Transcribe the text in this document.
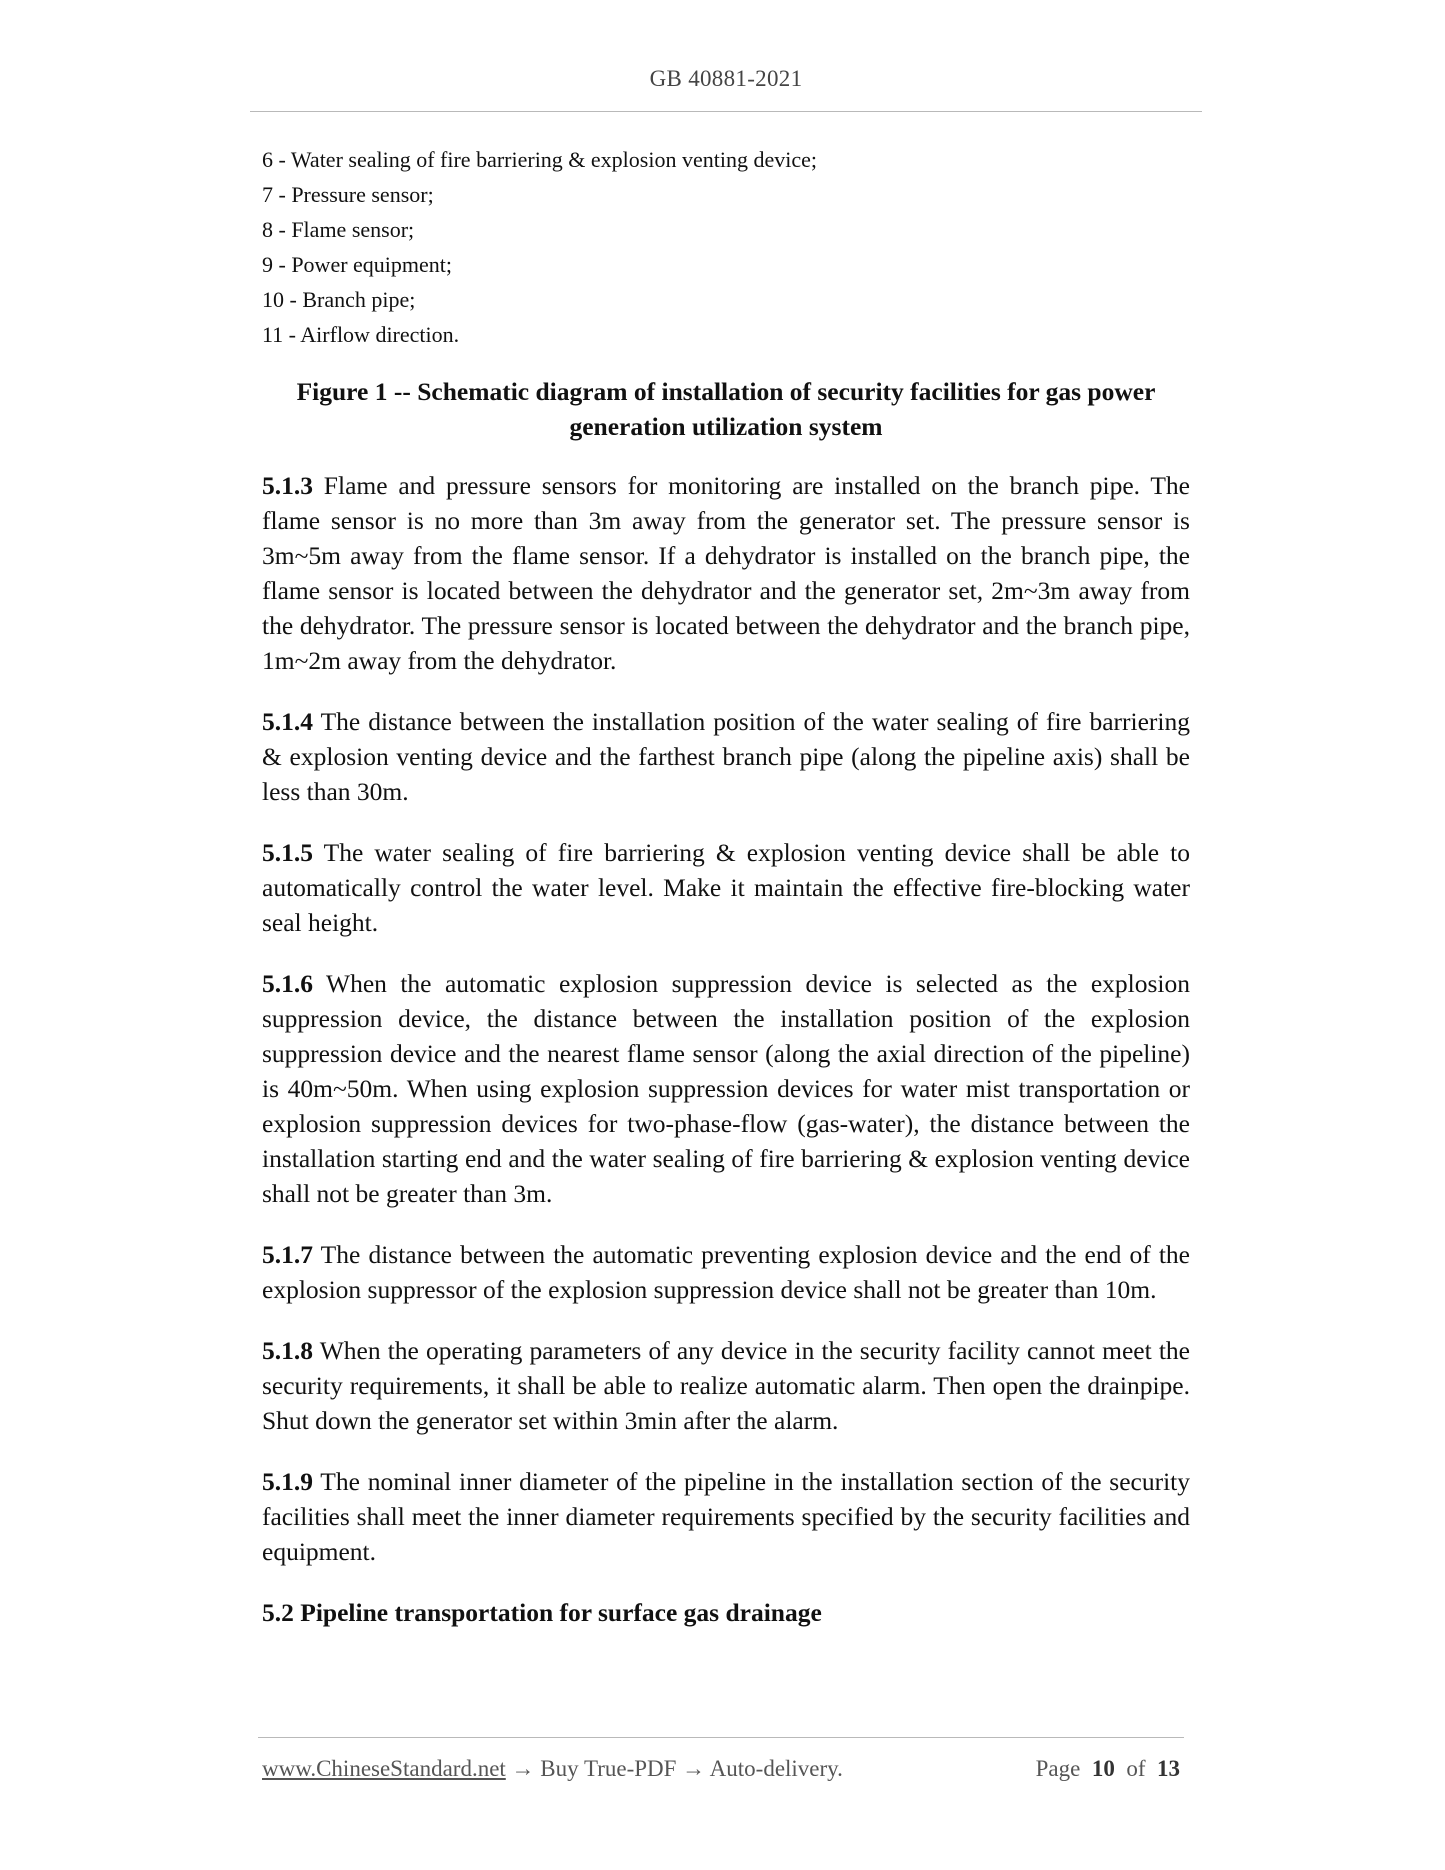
GB 40881-2021

6 - Water sealing of fire barriering & explosion venting device;

7 - Pressure sensor;

8 - Flame sensor;

9 - Power equipment;

10 - Branch pipe;

11 - Airflow direction.

Figure 1 -- Schematic diagram of installation of security facilities for gas power generation utilization system

5.1.3 Flame and pressure sensors for monitoring are installed on the branch pipe. The flame sensor is no more than 3m away from the generator set. The pressure sensor is 3m~5m away from the flame sensor. If a dehydrator is installed on the branch pipe, the flame sensor is located between the dehydrator and the generator set, 2m~3m away from the dehydrator. The pressure sensor is located between the dehydrator and the branch pipe, 1m~2m away from the dehydrator.

5.1.4 The distance between the installation position of the water sealing of fire barriering & explosion venting device and the farthest branch pipe (along the pipeline axis) shall be less than 30m.

5.1.5 The water sealing of fire barriering & explosion venting device shall be able to automatically control the water level. Make it maintain the effective fire-blocking water seal height.

5.1.6 When the automatic explosion suppression device is selected as the explosion suppression device, the distance between the installation position of the explosion suppression device and the nearest flame sensor (along the axial direction of the pipeline) is 40m~50m. When using explosion suppression devices for water mist transportation or explosion suppression devices for two-phase-flow (gas-water), the distance between the installation starting end and the water sealing of fire barriering & explosion venting device shall not be greater than 3m.

5.1.7 The distance between the automatic preventing explosion device and the end of the explosion suppressor of the explosion suppression device shall not be greater than 10m.

5.1.8 When the operating parameters of any device in the security facility cannot meet the security requirements, it shall be able to realize automatic alarm. Then open the drainpipe. Shut down the generator set within 3min after the alarm.

5.1.9 The nominal inner diameter of the pipeline in the installation section of the security facilities shall meet the inner diameter requirements specified by the security facilities and equipment.

5.2 Pipeline transportation for surface gas drainage

www.ChineseStandard.net → Buy True-PDF → Auto-delivery.	Page 10 of 13
